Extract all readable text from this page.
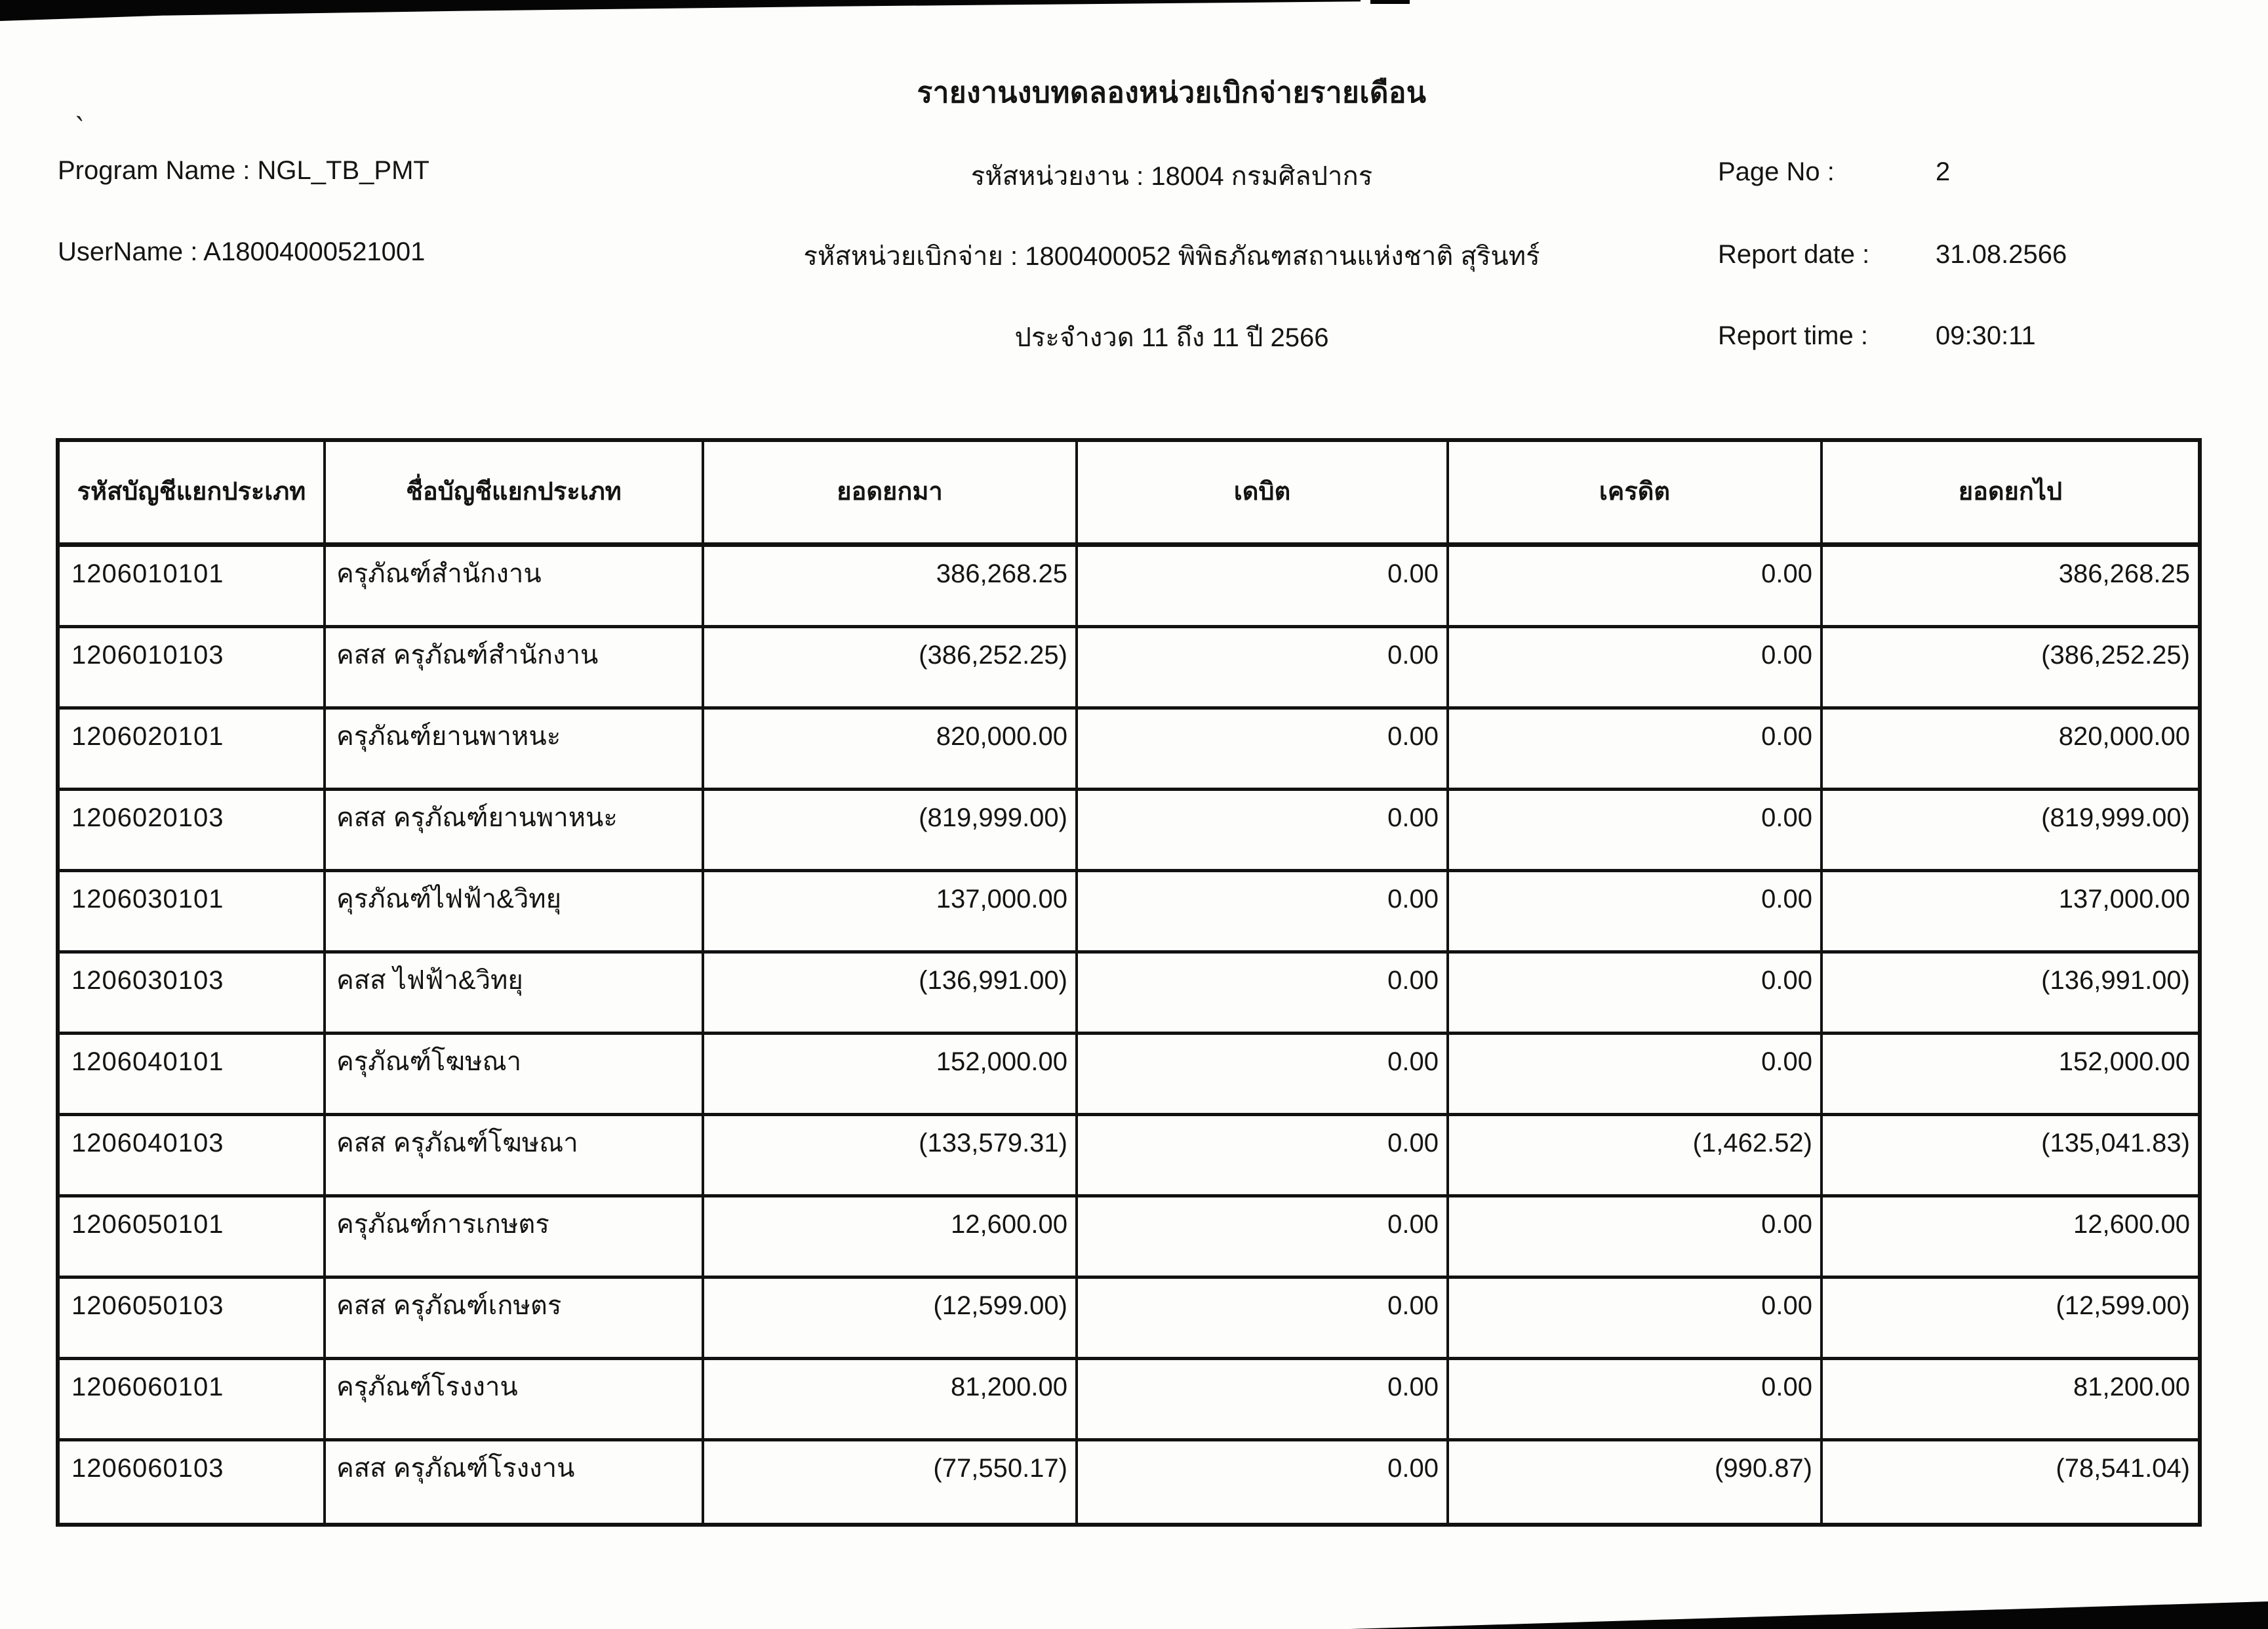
`
รายงานงบทดลองหน่วยเบิกจ่ายรายเดือน
Program Name : NGL_TB_PMT
UserName : A18004000521001
รหัสหน่วยงาน : 18004 กรมศิลปากร
รหัสหน่วยเบิกจ่าย : 1800400052 พิพิธภัณฑสถานแห่งชาติ สุรินทร์
ประจำงวด 11 ถึง 11 ปี 2566
Page No :	2
Report date :	31.08.2566
Report time :	09:30:11
รหัสบัญชีแยกประเภท	ชื่อบัญชีแยกประเภท	ยอดยกมา	เดบิต	เครดิต	ยอดยกไป
1206010101	ครุภัณฑ์สำนักงาน	386,268.25	0.00	0.00	386,268.25
1206010103	คสส ครุภัณฑ์สำนักงาน	(386,252.25)	0.00	0.00	(386,252.25)
1206020101	ครุภัณฑ์ยานพาหนะ	820,000.00	0.00	0.00	820,000.00
1206020103	คสส ครุภัณฑ์ยานพาหนะ	(819,999.00)	0.00	0.00	(819,999.00)
1206030101	คุรภัณฑ์ไฟฟ้า&วิทยุ	137,000.00	0.00	0.00	137,000.00
1206030103	คสส ไฟฟ้า&วิทยุ	(136,991.00)	0.00	0.00	(136,991.00)
1206040101	ครุภัณฑ์โฆษณา	152,000.00	0.00	0.00	152,000.00
1206040103	คสส ครุภัณฑ์โฆษณา	(133,579.31)	0.00	(1,462.52)	(135,041.83)
1206050101	ครุภัณฑ์การเกษตร	12,600.00	0.00	0.00	12,600.00
1206050103	คสส ครุภัณฑ์เกษตร	(12,599.00)	0.00	0.00	(12,599.00)
1206060101	ครุภัณฑ์โรงงาน	81,200.00	0.00	0.00	81,200.00
1206060103	คสส ครุภัณฑ์โรงงาน	(77,550.17)	0.00	(990.87)	(78,541.04)
